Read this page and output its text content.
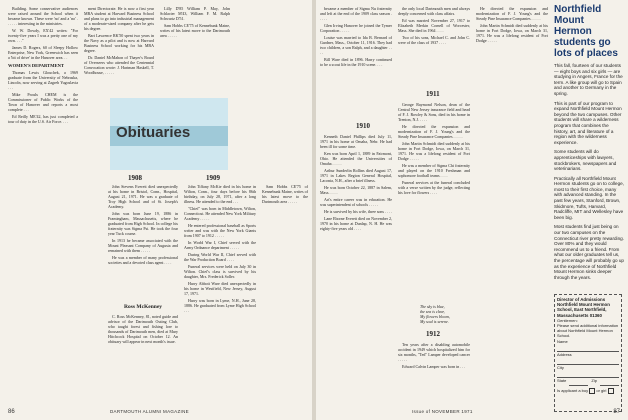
Building. Some conservative audiences were raised around the School when it became known. These were 'no' and a 'no' . . . . . . interesting in the ministries.

W. W. Dowdy, EX'42 writes: "For twenty-five years I was a pretty one of my own. . . ."

James D. Rogers, 60 of Sleepy Hollow Enterprise, New York, Greenwich has seen a 'bit of drive' in the Hanover area. . .

WOMEN'S DEPARTMENT

Thomas Lewis Glouchek, a 1969 graduate from the University of Nebraska, Lincoln, now serving at Zagreb Yugoslavia . . .

Mike Proulx CHEM is the Commissioner of Public Works of the Town of Hanover and reports a most complete . . .

Ed Reilly ME'42, has just completed a tour of duty in the U.S. Air Force. . . .

ment Directorate. He is now a first year MBA student at Harvard Business School and plans to go into industrial management of a moderate-sized company after he gets his degree.

Bart Lawrence RK'50 spent two years in the Navy as a pilot and is now at Harvard Business School working for his MBA degree.

Dr. Daniel McMahon of Thayer's Board of Overseers who attended the Centennial Convocation wrote: J. Hartman Haskell, T. Woodhouse, . . . . .

Lilly D'85 William P. May, John Schlacter M'43, William F. M. Ralph Schwartz D'51.

Sam Hobbs CE'75 of Kennebunk Maine, writes of his latest move to the Dartmouth area . . . . .

Obituaries
1908	1909

John Stevens Everett died unexpectedly at his home in Bristol, Conn., Hospital, August 21, 1971. He was a graduate of Troy High School and of St. Joseph's Academy.

John was born June 19, 1886 in Framingham, Massachusetts, where he graduated from High School. In college his fraternity was Sigma Psi. He took the four year Tuck course.

In 1913 he became associated with the Mount Pleasant Company of Augusta and remained with them . . . . .

He was a member of many professional societies and a devoted class agent . . . .

Ross McKenney

C. Ross McKenney, 81, noted guide and advisor of the Dartmouth Outing Club, who taught forest and fishing lore to thousands of Dartmouth men, died at Mary Hitchcock Hospital on October 12. An obituary will appear in next month's issue.

John Tiffany McKie died in his home in Wilton, Conn., four days before his 86th birthday, on July 28, 1971, after a long illness. He attended to the end . . .

"Chief" was born in Middletown, Wilton, Connecticut. He attended New York Military Academy . . . . .

He entered professional baseball as Sports writer and was with the New York Giants from 1907 to 1912 . . . . .

In World War I, Chief served with the Army Ordnance department . . . . .

During World War II, Chief served with the War Production Board . . . .

Funeral services were held on July 30 in Wilton. Chief's class is survived by his daughter, Mrs. Frederick Soller.

Harry Abbott Ware died unexpectedly in his home in Westfield, New Jersey, August 17, 1971.

Harry was born in Lyme, N.H., June 28, 1886. He graduated from Lyme High School . . .

Sam Hobbs CE'75 of Kennebunk Maine, writes of his latest move to the Dartmouth area . . . . .

86	DARTMOUTH ALUMNI MAGAZINE

became a member of Sigma Nu fraternity and left at the end of the 1909 class season . . . . .

Glen Irving Hanover he joined the Tymer Corporation . . . . .

Louise was married to Ida B. Bernard of Gardner, Mass., October 11, 1916. They had two children, a son Ralph, and a daughter . . . .

Bill Ware died in 1896. Harry continued to be a scout life in the 1910 scene. . . .

1910

Kenneth Daniel Phillips died July 11, 1971 in his home at Omaha, Nebr. He had been ill for some time.

Ken was born April 1, 1889 in Fairmont, Ohio. He attended the Universities of Omaha . . . . .

Arthur Sunderlin Rollins died August 17, 1971 in Lakes Region General Hospital, Laconia, N.H., after a brief illness.

He was born October 22, 1887 in Salem, Mass. . . . .

Art's entire career was in education. He was superintendent of schools . . . . .

He is survived by his wife, three sons . . . .

Lane Eborne Everett died on November 2, 1970 in his home at Dunlap, N. H. He was eighty-five years old . . . .

the only local Dartmouth men and always deeply concerned with class affairs.

Ed was married November 27, 1917 to Elizabeth Merkin Cornell of Worcester, Mass. She died in 1964 . . . .

Two of his sons, Michael C. and John C. were of the class of 1937 . . . .

1911

George Raymond Nelson, dean of the Central New Jersey insurance field and head of F. J. Rowley & Sons, died in his home in Trenton, N.J. . . . .

He directed the expansion and modernization of F. J. Young's and the Steady Pine Insurance Companies . . . . .

John Martin Schmidt died suddenly at his home in Fort Dodge, Iowa, on March 31, 1971. He was a lifelong resident of Fort Dodge . . . . .

He was a member of Sigma Chi fraternity and played on the 1910 Freshman and sophomore football teams . . . .

Funeral services at the funeral concluded with a verse written by the judge, reflecting his love for flowers . . . .

The sky is blue,
the sea is clear,
My flowers bloom,
My soul is serene.
1912

Ten years after a disabling automobile accident in 1949 which hospitalized him for six months, "Ted" Lamper developed cancer . . . . .

Edward Calvin Lamper was born in . . .

He directed the expansion and modernization of F. J. Young's and the Steady Pine Insurance Companies . . . . .

John Martin Schmidt died suddenly at his home in Fort Dodge, Iowa, on March 31, 1971. He was a lifelong resident of Fort Dodge . . . . .

Northfield Mount Hermon students go lots of places

This fall, fourteen of our students — eight boys and six girls — are studying in Angers, France for the term. A like group will go to Spain and another to Germany in the spring.

This is part of our program to expand Northfield Mount Hermon beyond the two campuses. Other students will share a wilderness program that combines the history, art, and literature of a region with the wilderness experience.

Some students will do apprenticeships with lawyers, stockbrokers, newspapers and veterinarians.

Practically all Northfield Mount Hermon students go on to college, most to their first choice, many with advanced standing. In the past few years, Stanford, Brown, Skidmore, Tufts, Harvard, Radcliffe, MIT and Wellesley have been big.

Most students find just being on our two campuses on the Connecticut river pretty rewarding. Over 80% and they would recommend us to a friend. From what our older graduates tell us, the percentage will probably go up as the experience of Northfield Mount Hermon sinks deeper through the years.

Director of Admissions Northfield Mount Hermon School, East Northfield, Massachusetts 01360
Gentlemen:
Please send additional information about Northfield Mount Hermon School.
Name
Address
City
State	Zip
Is applicant a boy or girl
Issue of NOVEMBER 1971	87
